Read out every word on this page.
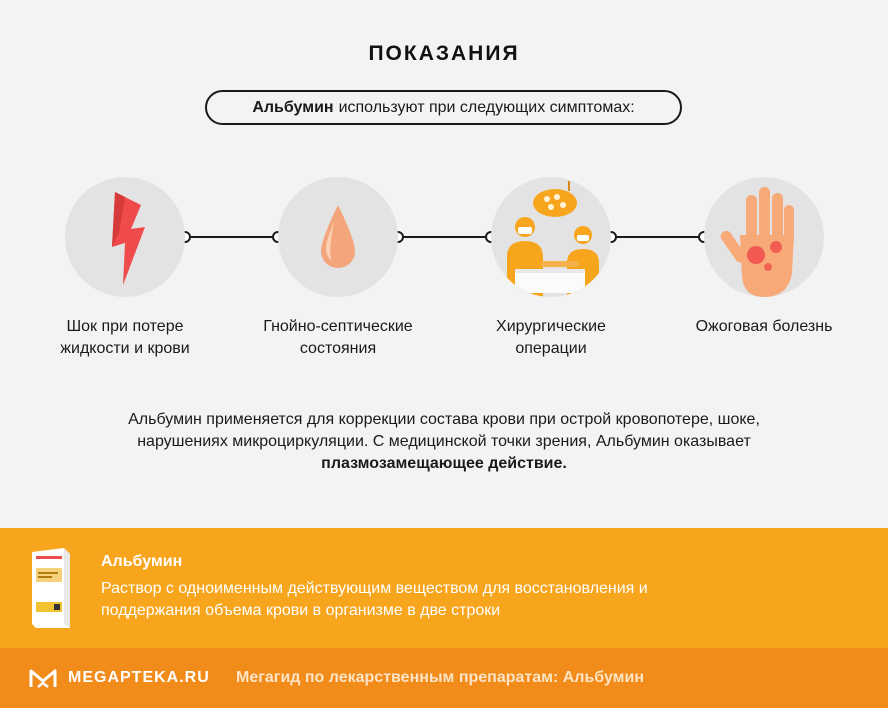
ПОКАЗАНИЯ
Альбумин используют при следующих симптомах:
Шок при потере
жидкости и крови
Гнойно-септические
состояния
Хирургические
операции
Ожоговая болезнь
Альбумин применяется для коррекции состава крови при острой кровопотере, шоке, нарушениях микроциркуляции. С медицинской точки зрения, Альбумин оказывает плазмозамещающее действие.
Альбумин
Раствор с одноименным действующим веществом для восстановления и поддержания объема крови в организме в две строки
MEGAPTEKA.RU Мегагид по лекарственным препаратам: Альбумин
